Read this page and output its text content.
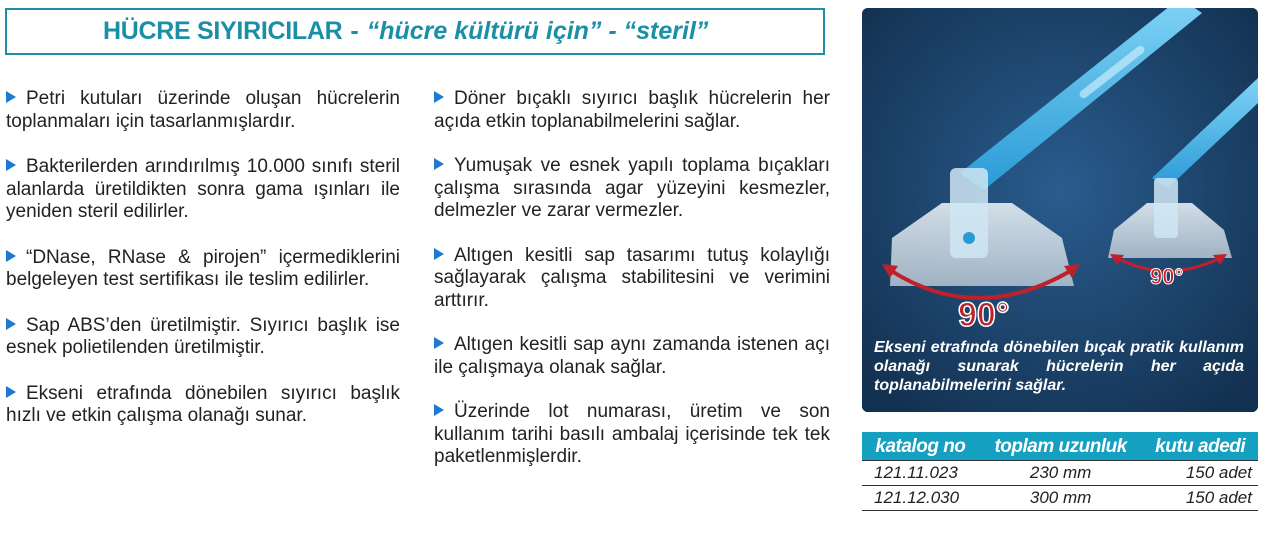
HÜCRE SIYIRICILAR - “hücre kültürü için” - “steril”

Petri kutuları üzerinde oluşan hücrelerin toplanmaları için tasarlanmışlardır.

Bakterilerden arındırılmış 10.000 sınıfı steril alanlarda üretildikten sonra gama ışınları ile yeniden steril edilirler.

“DNase, RNase & pirojen” içermediklerini belgeleyen test sertifikası ile teslim edilirler.

Sap ABS’den üretilmiştir. Sıyırıcı başlık ise esnek polietilenden üretilmiştir.

Ekseni etrafında dönebilen sıyırıcı başlık hızlı ve etkin çalışma olanağı sunar.

Döner bıçaklı sıyırıcı başlık hücrelerin her açıda etkin toplanabilmelerini sağlar.

Yumuşak ve esnek yapılı toplama bıçakları çalışma sırasında agar yüzeyini kesmezler, delmezler ve zarar vermezler.

Altıgen kesitli sap tasarımı tutuş kolaylığı sağlayarak çalışma stabilitesini ve verimini arttırır.

Altıgen kesitli sap aynı zamanda istenen açı ile çalışmaya olanak sağlar.

Üzerinde lot numarası, üretim ve son kullanım tarihi basılı ambalaj içerisinde tek tek paketlenmişlerdir.

90°
90°
Ekseni etrafında dönebilen bıçak pratik kullanım olanağı sunarak hücrelerin her açıda toplanabilmelerini sağlar.
katalog no	toplam uzunluk	kutu adedi
121.11.023	230 mm	150 adet
121.12.030	300 mm	150 adet
